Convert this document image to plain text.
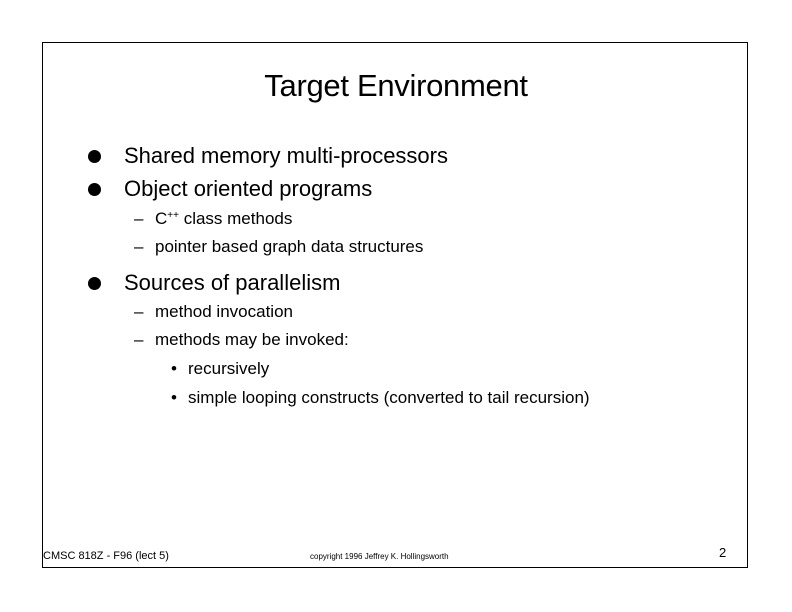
Target Environment
Shared memory multi-processors
Object oriented programs
– C++ class methods
– pointer based graph data structures
Sources of parallelism
– method invocation
– methods may be invoked:
• recursively
• simple looping constructs (converted to tail recursion)
CMSC 818Z - F96 (lect 5)	copyright 1996 Jeffrey K. Hollingsworth	2
